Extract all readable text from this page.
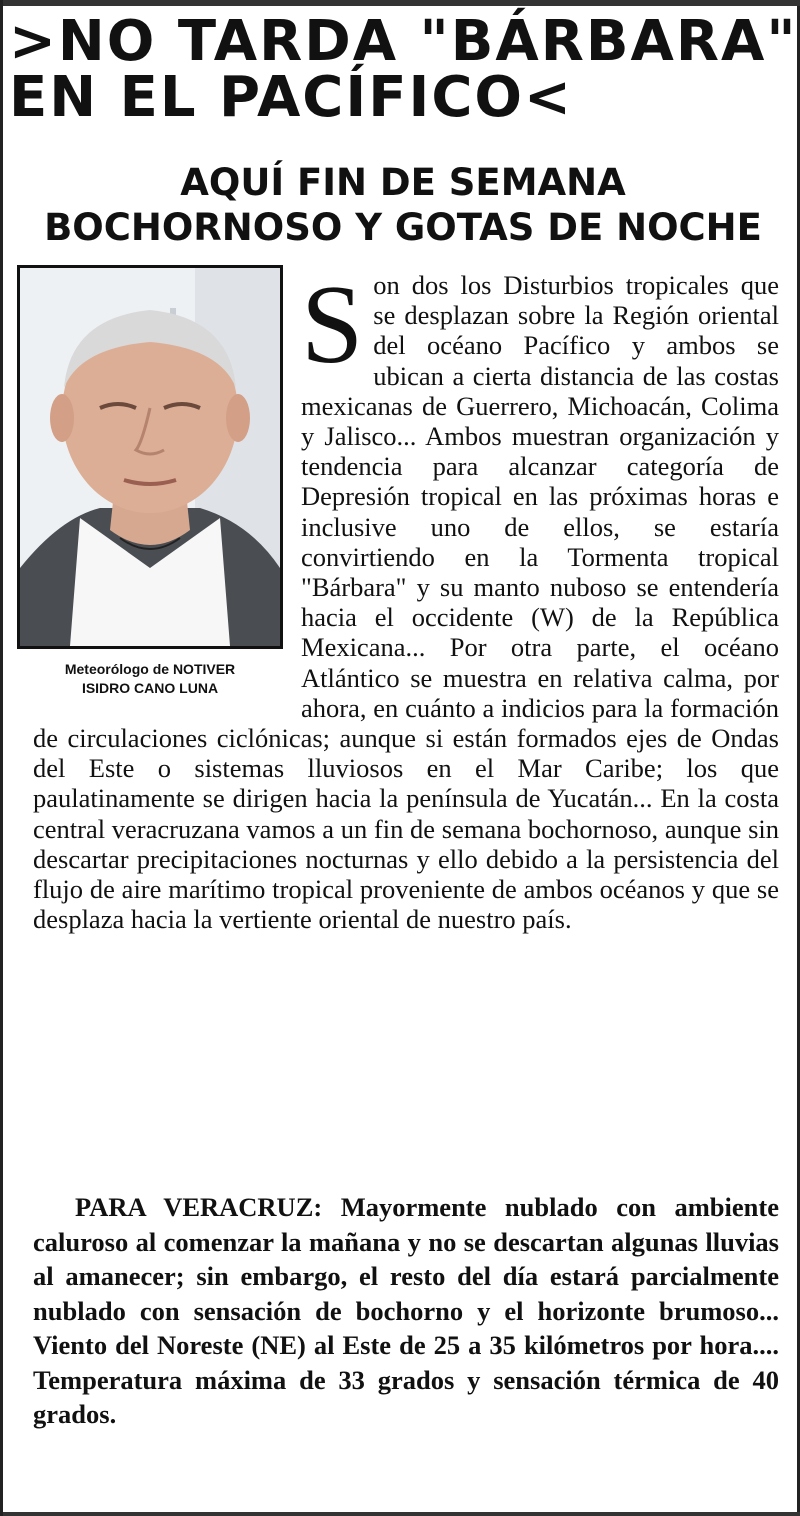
>NO TARDA "BÁRBARA"
EN EL PACÍFICO<
AQUÍ FIN DE SEMANA
BOCHORNOSO Y GOTAS DE NOCHE
Meteorólogo de NOTIVER
ISIDRO CANO LUNA
S on dos los Disturbios tropicales que se desplazan sobre la Región oriental del océano Pacífico y ambos se ubican a cierta distancia de las costas mexicanas de Guerrero, Michoacán, Colima y Jalisco... Ambos muestran organización y tendencia para alcanzar categoría de Depresión tropical en las próximas horas e inclusive uno de ellos, se estaría convirtiendo en la Tormenta tropical "Bárbara" y su manto nuboso se entendería hacia el occidente (W) de la República Mexicana... Por otra parte, el océano Atlántico se muestra en relativa calma, por ahora, en cuánto a indicios para la formación de circulaciones ciclónicas; aunque si están formados ejes de Ondas del Este o sistemas lluviosos en el Mar Caribe; los que paulatinamente se dirigen hacia la península de Yucatán... En la costa central veracruzana vamos a un fin de semana bochornoso, aunque sin descartar precipitaciones nocturnas y ello debido a la persistencia del flujo de aire marítimo tropical proveniente de ambos océanos y que se desplaza hacia la vertiente oriental de nuestro país.
PARA VERACRUZ: Mayormente nublado con ambiente caluroso al comenzar la mañana y no se descartan algunas lluvias al amanecer; sin embargo, el resto del día estará parcialmente nublado con sensación de bochorno y el horizonte brumoso... Viento del Noreste (NE) al Este de 25 a 35 kilómetros por hora.... Temperatura máxima de 33 grados y sensación térmica de 40 grados.
